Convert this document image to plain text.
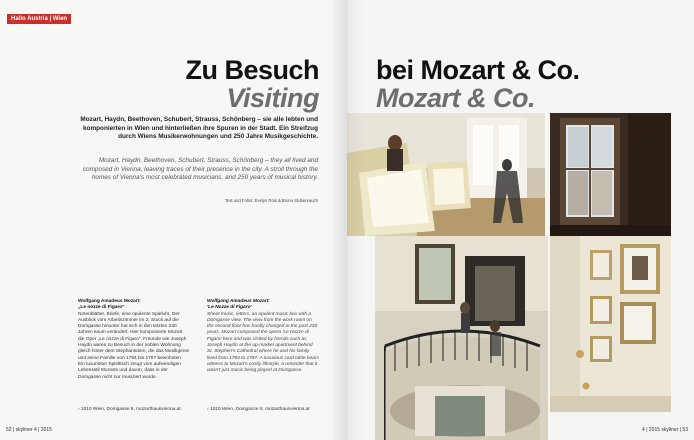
Hallo Austria | Wien
Zu Besuch
Visiting
bei Mozart & Co.
Mozart & Co.
Mozart, Haydn, Beethoven, Schubert, Strauss, Schönberg – sie alle lebten und komponierten in Wien und hinterließen ihre Spuren in der Stadt. Ein Streifzug durch Wiens Musikerwohnungen und 250 Jahre Musikgeschichte.
Mozart, Haydn, Beethoven, Schubert, Strauss, Schönberg – they all lived and composed in Vienna, leaving traces of their presence in the city. A stroll through the homes of Vienna's most celebrated musicians, and 250 years of musical history.
Text und Fotos: Evelyn Rois & Bruno Stubenrauch
Wolfgang Amadeus Mozart:
„Le nozze di Figaro"
Notenblätter, Briefe, eine opulente Spieluhr. Der Ausblick vom Arbeitszimmer im 2. Stock auf die Domgasse hinunter hat sich in den letzten 230 Jahren kaum verändert. Hier komponierte Mozart die Oper „Le nozze di Figaro". Freunde wie Joseph Haydn waren zu Besuch in der noblen Wohnung gleich hinter dem Stephansdom, die das Musikgenie und seine Familie von 1784 bis 1787 bewohnten. Ein luxuriöser Spieltisch zeugt vom aufwendigen Lebensstil Mozarts und davon, dass in der Domgasse nicht nur musiziert wurde.
Wolfgang Amadeus Mozart:
'Le Nozze di Figaro'
Sheet music, letters, an opulent music box with a Domgasse view. The view from the work room on the second floor has hardly changed in the past 230 years. Mozart composed the opera 'Le Nozze di Figaro' here and was visited by friends such as Joseph Haydn at the up-market apartment behind St. Stephen's Cathedral where he and his family lived from 1784 to 1787. A luxurious card table bears witness to Mozart's costly lifestyle, a reminder that it wasn't just music being played at Domgasse.
› 1010 Wien, Domgasse 5, mozarthausvienna.at	› 1010 Wien, Domgasse 5, mozarthausvienna.at
52 | skyliner 4 | 2015	4 | 2015 skyliner | 53
